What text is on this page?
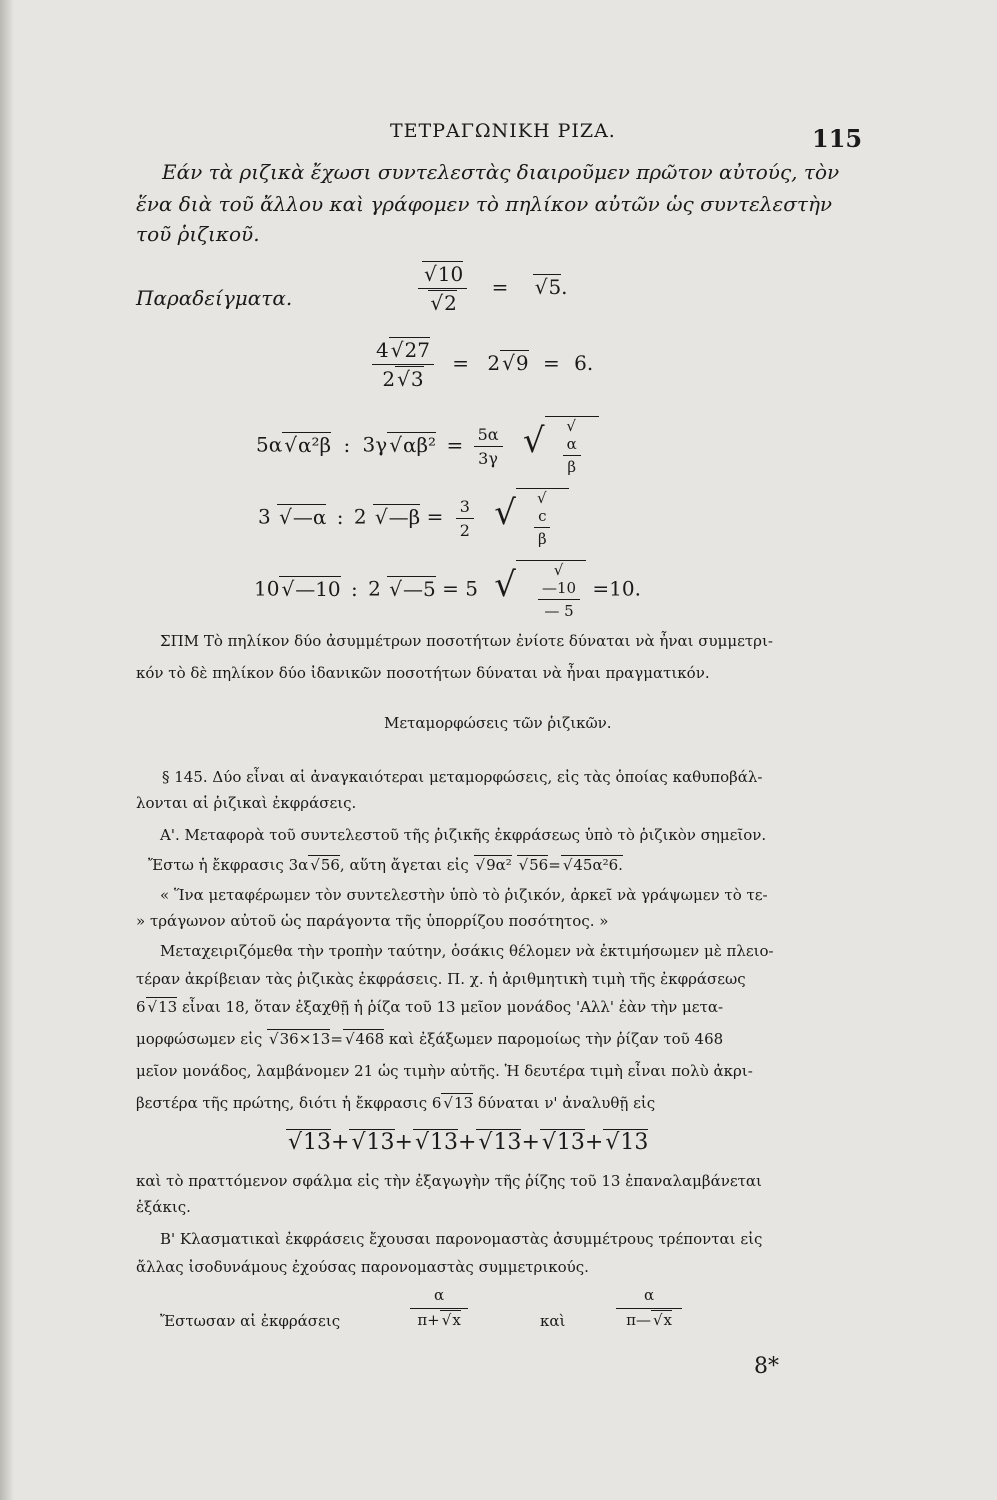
ΤΕΤΡΑΓΩΝΙΚΗ ΡΙΖΑ.	115
Εάν τὰ ριζικὰ ἔχωσι συντελεστὰς διαιροῦμεν πρῶτον αὐτούς, τὸν
ἕνα διὰ τοῦ ἄλλου καὶ γράφομεν τὸ πηλίκον αὐτῶν ὡς συντελεστὴν
τοῦ ῥιζικοῦ.
Παραδείγματα.
√	10
√ 2 = √ 5.
$\frac{4√ 27}{2√ 3} = 2√$ 9 = 6.
5α√ α²β : 3γ√ $\alpha\beta^2 = \frac{5\alpha}{3\gamma}$ √
√ $\frac{\alpha}{\beta}$
3 √ —α : 2 √ —β = $\frac{3}{2}$ √
√ $\frac{c}{\beta}$
10√ —10 : 2 √ —5 = 5 √
√ $\frac{—10}{— 5} =10$.
ΣΠΜ Τὸ πηλίκον δύο ἀσυμμέτρων ποσοτήτων ἐνίοτε δύναται νὰ ἦναι συμμετρι-
κόν τὸ δὲ πηλίκον δύο ἰδανικῶν ποσοτήτων δύναται νὰ ἦναι πραγματικόν.
Μεταμορφώσεις τῶν ῥιζικῶν.
§ 145. Δύο εἶναι αἱ ἀναγκαιότεραι μεταμορφώσεις, εἰς τὰς ὁποίας καθυποβάλ-
λονται αἱ ῥιζικαὶ ἐκφράσεις.
Α'. Μεταφορὰ τοῦ συντελεστοῦ τῆς ῥιζικῆς ἐκφράσεως ὑπὸ τὸ ῥιζικὸν σημεῖον.
Ἔστω ἡ ἔκφρασις 3α√ 56, αὕτη ἄγεται εἰς √ 9α² √ 56=√ 45α²6.
« Ἵνα μεταφέρωμεν τὸν συντελεστὴν ὑπὸ τὸ ῥιζικόν, ἀρκεῖ νὰ γράψωμεν τὸ τε-
» τράγωνον αὐτοῦ ὡς παράγοντα τῆς ὑπορρίζου ποσότητος. »
Μεταχειριζόμεθα τὴν τροπὴν ταύτην, ὁσάκις θέλομεν νὰ ἐκτιμήσωμεν μὲ πλειο-
τέραν ἀκρίβειαν τὰς ῥιζικὰς ἐκφράσεις. Π. χ. ἡ ἀριθμητικὴ τιμὴ τῆς ἐκφράσεως
6√ 13 εἶναι 18, ὅταν ἐξαχθῇ ἡ ῥίζα τοῦ 13 μεῖον μονάδος 'Αλλ' ἐὰν τὴν μετα-
μορφώσωμεν εἰς √ 36×13=√ 468 καὶ ἐξάξωμεν παρομοίως τὴν ῥίζαν τοῦ 468
μεῖον μονάδος, λαμβάνομεν 21 ὡς τιμὴν αὐτῆς. Ἡ δευτέρα τιμὴ εἶναι πολὺ ἀκρι-
βεστέρα τῆς πρώτης, διότι ἡ ἔκφρασις 6√ 13 δύναται ν' ἀναλυθῇ εἰς
√ 13+√ 13+√ 13+√ 13+√ 13+√ 13
καὶ τὸ πραττόμενον σφάλμα εἰς τὴν ἐξαγωγὴν τῆς ῥίζης τοῦ 13 ἐπαναλαμβάνεται
ἑξάκις.
Β' Κλασματικαὶ ἐκφράσεις ἔχουσαι παρονομαστὰς ἀσυμμέτρους τρέπονται εἰς
ἄλλας ἰσοδυνάμους ἐχούσας παρονομαστὰς συμμετρικούς.
Ἔστωσαν αἱ ἐκφράσεις	$\frac{\alpha}{\pi+√ x}$	καὶ	$\frac{\alpha}{\pi—√ x}$
8*
